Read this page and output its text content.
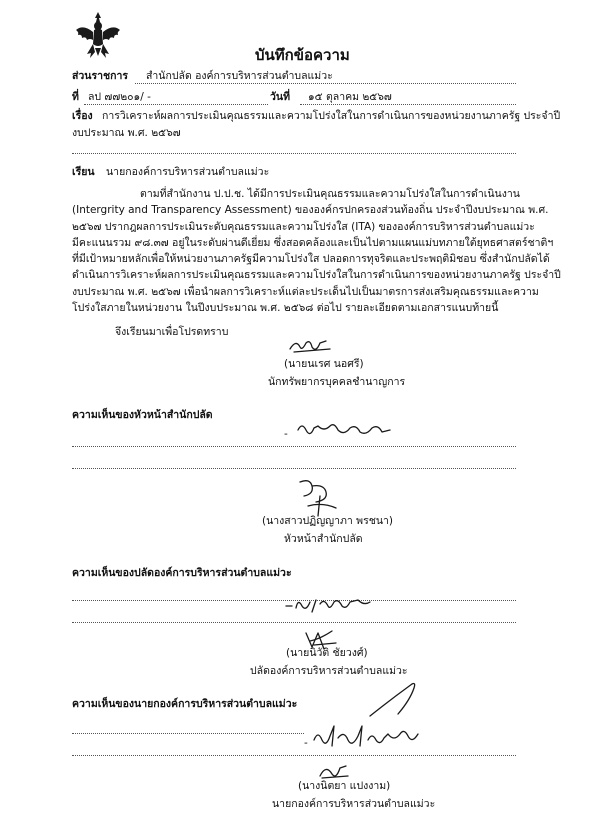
บันทึกข้อความ
ส่วนราชการ สำนักปลัด องค์การบริหารส่วนตำบลแม่วะ
ที่ ลป ๗๗๒๐๑/ -	วันที่ ๑๕ ตุลาคม ๒๕๖๗
เรื่อง การวิเคราะห์ผลการประเมินคุณธรรมและความโปร่งใสในการดำเนินการของหน่วยงานภาครัฐ ประจำปี
งบประมาณ พ.ศ. ๒๕๖๗
เรียน นายกองค์การบริหารส่วนตำบลแม่วะ
ตามที่สำนักงาน ป.ป.ช. ได้มีการประเมินคุณธรรมและความโปร่งใสในการดำเนินงาน
(Intergrity and Transparency Assessment) ขององค์กรปกครองส่วนท้องถิ่น ประจำปีงบประมาณ พ.ศ.
๒๕๖๗ ปรากฎผลการประเมินระดับคุณธรรมและความโปร่งใส (ITA) ขององค์การบริหารส่วนตำบลแม่วะ
มีคะแนนรวม ๙๘.๓๗ อยู่ในระดับผ่านดีเยี่ยม ซึ่งสอดคล้องและเป็นไปตามแผนแม่บทภายใต้ยุทธศาสตร์ชาติฯ
ที่มีเป้าหมายหลักเพื่อให้หน่วยงานภาครัฐมีความโปร่งใส ปลอดการทุจริตและประพฤติมิชอบ ซึ่งสำนักปลัดได้
ดำเนินการวิเคราะห์ผลการประเมินคุณธรรมและความโปร่งใสในการดำเนินการของหน่วยงานภาครัฐ ประจำปี
งบประมาณ พ.ศ. ๒๕๖๗ เพื่อนำผลการวิเคราะห์แต่ละประเด็นไปเป็นมาตรการส่งเสริมคุณธรรมและความ
โปร่งใสภายในหน่วยงาน ในปีงบประมาณ พ.ศ. ๒๕๖๘ ต่อไป รายละเอียดตามเอกสารแนบท้ายนี้
จึงเรียนมาเพื่อโปรดทราบ
(นายนเรศ นอศรี)
นักทรัพยากรบุคคลชำนาญการ
ความเห็นของหัวหน้าสำนักปลัด
-
(นางสาวปฏิญญาภา พรชนา)
หัวหน้าสำนักปลัด
ความเห็นของปลัดองค์การบริหารส่วนตำบลแม่วะ
(นายนิวัติ ชัยวงศ์)
ปลัดองค์การบริหารส่วนตำบลแม่วะ
ความเห็นของนายกองค์การบริหารส่วนตำบลแม่วะ
-
(นางนิตยา แปงงาม)
นายกองค์การบริหารส่วนตำบลแม่วะ
